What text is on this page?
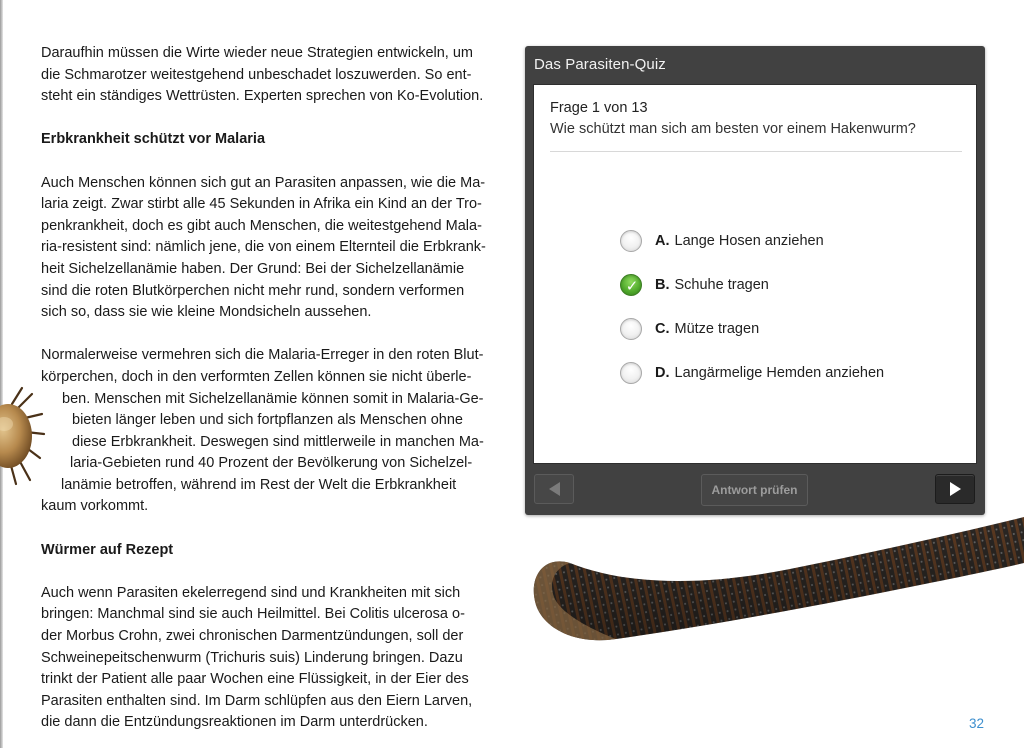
Daraufhin müssen die Wirte wieder neue Strategien entwickeln, um
die Schmarotzer weitestgehend unbeschadet loszuwerden. So ent-
steht ein ständiges Wettrüsten. Experten sprechen von Ko-Evolution.

Erbkrankheit schützt vor Malaria

Auch Menschen können sich gut an Parasiten anpassen, wie die Ma-
laria zeigt. Zwar stirbt alle 45 Sekunden in Afrika ein Kind an der Tro-
penkrankheit, doch es gibt auch Menschen, die weitestgehend Mala-
ria-resistent sind: nämlich jene, die von einem Elternteil die Erbkrank-
heit Sichelzellanämie haben. Der Grund: Bei der Sichelzellanämie
sind die roten Blutkörperchen nicht mehr rund, sondern verformen
sich so, dass sie wie kleine Mondsicheln aussehen.

Normalerweise vermehren sich die Malaria-Erreger in den roten Blut-
körperchen, doch in den verformten Zellen können sie nicht überle-
ben. Menschen mit Sichelzellanämie können somit in Malaria-Ge-
bieten länger leben und sich fortpflanzen als Menschen ohne
diese Erbkrankheit. Deswegen sind mittlerweile in manchen Ma-
laria-Gebieten rund 40 Prozent der Bevölkerung von Sichelzel-
lanämie betroffen, während im Rest der Welt die Erbkrankheit
kaum vorkommt.

Würmer auf Rezept

Auch wenn Parasiten ekelerregend sind und Krankheiten mit sich
bringen: Manchmal sind sie auch Heilmittel. Bei Colitis ulcerosa o-
der Morbus Crohn, zwei chronischen Darmentzündungen, soll der
Schweinepeitschenwurm (Trichuris suis) Linderung bringen. Dazu
trinkt der Patient alle paar Wochen eine Flüssigkeit, in der Eier des
Parasiten enthalten sind. Im Darm schlüpfen aus den Eiern Larven,
die dann die Entzündungsreaktionen im Darm unterdrücken.

Das Parasiten-Quiz
Frage 1 von 13
Wie schützt man sich am besten vor einem Hakenwurm?
A. Lange Hosen anziehen
✓	B. Schuhe tragen
C. Mütze tragen
D. Langärmelige Hemden anziehen
Antwort prüfen
32
